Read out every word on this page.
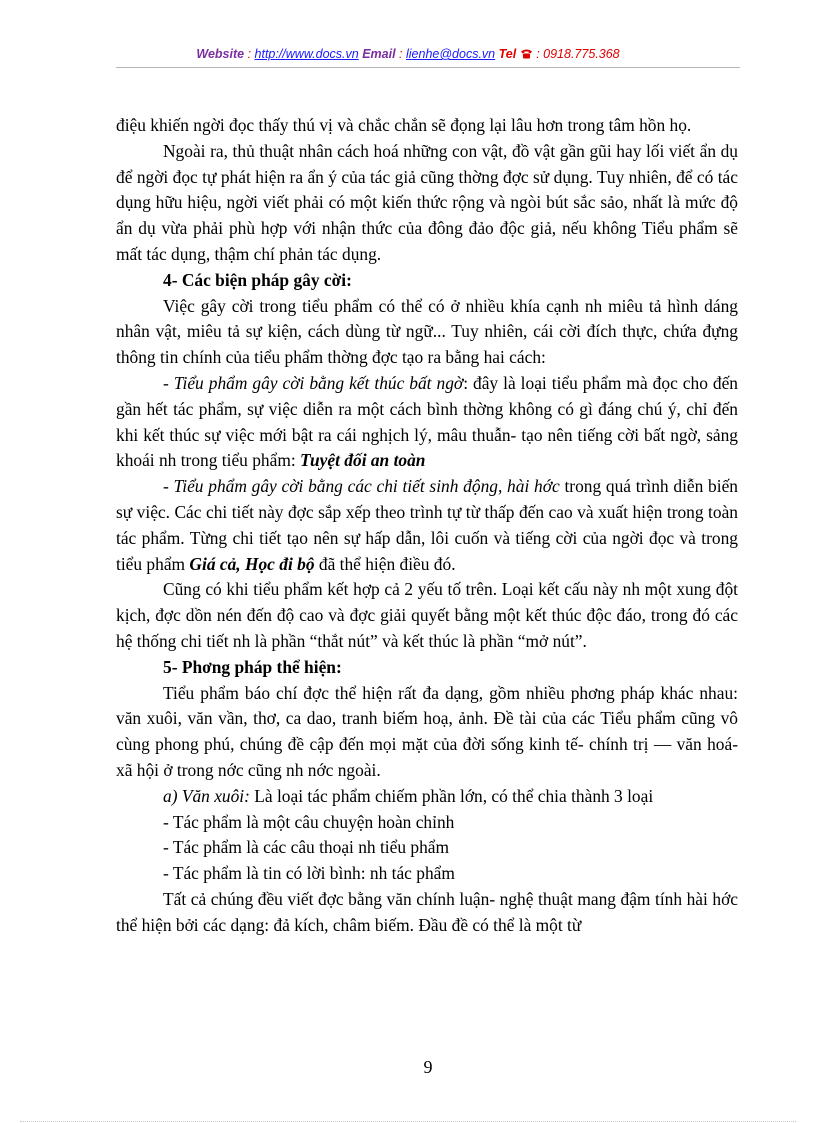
Website : http://www.docs.vn Email : lienhe@docs.vn Tel  : 0918.775.368

điệu khiến ngời đọc thấy thú vị và chắc chắn sẽ đọng lại lâu hơn trong tâm hồn họ.

Ngoài ra, thủ thuật nhân cách hoá những con vật, đồ vật gần gũi hay lối viết ẩn dụ để ngời đọc tự phát hiện ra ẩn ý của tác giả cũng thờng đợc sử dụng. Tuy nhiên, để có tác dụng hữu hiệu, ngời viết phải có một kiến thức rộng và ngòi bút sắc sảo, nhất là mức độ ẩn dụ vừa phải phù hợp với nhận thức của đông đảo độc giả, nếu không Tiểu phẩm sẽ mất tác dụng, thậm chí phản tác dụng.

4- Các biện pháp gây cời:

Việc gây cời trong tiểu phẩm có thể có ở nhiều khía cạnh nh miêu tả hình dáng nhân vật, miêu tả sự kiện, cách dùng từ ngữ... Tuy nhiên, cái cời đích thực, chứa đựng thông tin chính của tiểu phẩm thờng đợc tạo ra bằng hai cách:

- Tiểu phẩm gây cời bằng kết thúc bất ngờ: đây là loại tiểu phẩm mà đọc cho đến gần hết tác phẩm, sự việc diễn ra một cách bình thờng không có gì đáng chú ý, chỉ đến khi kết thúc sự việc mới bật ra cái nghịch lý, mâu thuẫn- tạo nên tiếng cời bất ngờ, sảng khoái nh trong tiểu phẩm: Tuyệt đối an toàn

- Tiểu phẩm gây cời bằng các chi tiết sinh động, hài hớc trong quá trình diễn biến sự việc. Các chi tiết này đợc sắp xếp theo trình tự từ thấp đến cao và xuất hiện trong toàn tác phẩm. Từng chi tiết tạo nên sự hấp dẫn, lôi cuốn và tiếng cời của ngời đọc và trong tiểu phẩm Giá cả, Học đi bộ đã thể hiện điều đó.

Cũng có khi tiểu phẩm kết hợp cả 2 yếu tố trên. Loại kết cấu này nh một xung đột kịch, đợc dồn nén đến độ cao và đợc giải quyết bằng một kết thúc độc đáo, trong đó các hệ thống chi tiết nh là phần “thắt nút” và kết thúc là phần “mở nút”.

5- Phơng pháp thể hiện:

Tiểu phẩm báo chí đợc thể hiện rất đa dạng, gồm nhiều phơng pháp khác nhau: văn xuôi, văn vần, thơ, ca dao, tranh biếm hoạ, ảnh. Đề tài của các Tiểu phẩm cũng vô cùng phong phú, chúng đề cập đến mọi mặt của đời sống kinh tế- chính trị — văn hoá- xã hội ở trong nớc cũng nh nớc ngoài.

a) Văn xuôi: Là loại tác phẩm chiếm phần lớn, có thể chia thành 3 loại

- Tác phẩm là một câu chuyện hoàn chỉnh

- Tác phẩm là các câu thoại nh tiểu phẩm

- Tác phẩm là tin có lời bình: nh tác phẩm

Tất cả chúng đều viết đợc bằng văn chính luận- nghệ thuật mang đậm tính hài hớc thể hiện bởi các dạng: đả kích, châm biếm. Đầu đề có thể là một từ

9
